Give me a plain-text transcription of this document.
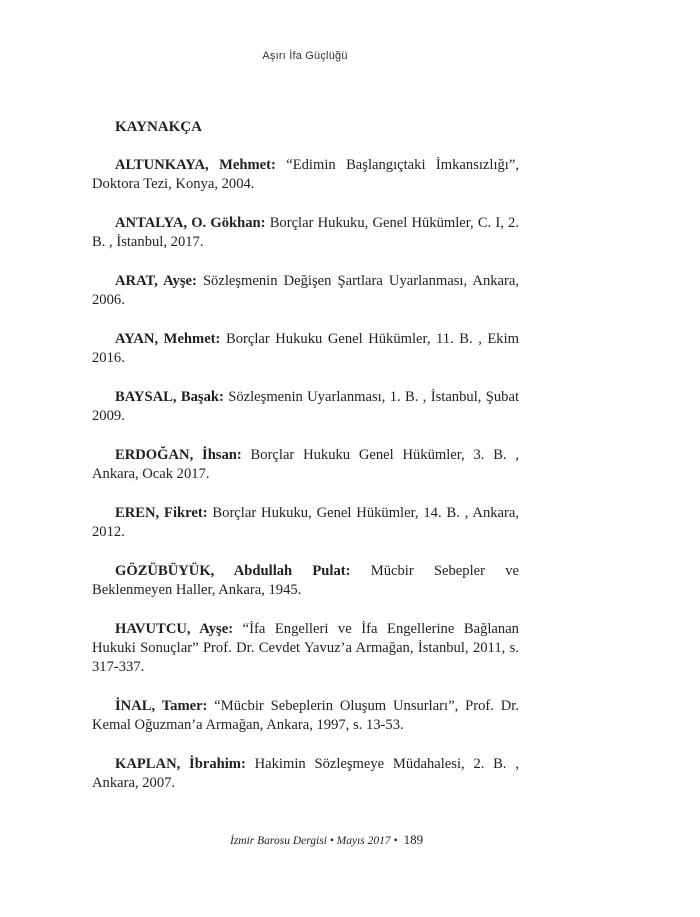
Aşırı İfa Güçlüğü
KAYNAKÇA
ALTUNKAYA, Mehmet: “Edimin Başlangıçtaki İmkansızlığı”, Doktora Tezi, Konya, 2004.
ANTALYA, O. Gökhan: Borçlar Hukuku, Genel Hükümler, C. I, 2. B. , İstanbul, 2017.
ARAT, Ayşe: Sözleşmenin Değişen Şartlara Uyarlanması, Ankara, 2006.
AYAN, Mehmet: Borçlar Hukuku Genel Hükümler, 11. B. , Ekim 2016.
BAYSAL, Başak: Sözleşmenin Uyarlanması, 1. B. , İstanbul, Şubat 2009.
ERDOĞAN, İhsan: Borçlar Hukuku Genel Hükümler, 3. B. , Ankara, Ocak 2017.
EREN, Fikret: Borçlar Hukuku, Genel Hükümler, 14. B. , Ankara, 2012.
GÖZÜBÜYÜK, Abdullah Pulat: Mücbir Sebepler ve Beklenmeyen Haller, Ankara, 1945.
HAVUTCU, Ayşe: “İfa Engelleri ve İfa Engellerine Bağlanan Hukuki Sonuçlar” Prof. Dr. Cevdet Yavuz’a Armağan, İstanbul, 2011, s. 317-337.
İNAL, Tamer: “Mücbir Sebeplerin Oluşum Unsurları”, Prof. Dr. Kemal Oğuzman’a Armağan, Ankara, 1997, s. 13-53.
KAPLAN, İbrahim: Hakimin Sözleşmeye Müdahalesi, 2. B. , Ankara, 2007.
İzmir Barosu Dergisi • Mayıs 2017 • 189
